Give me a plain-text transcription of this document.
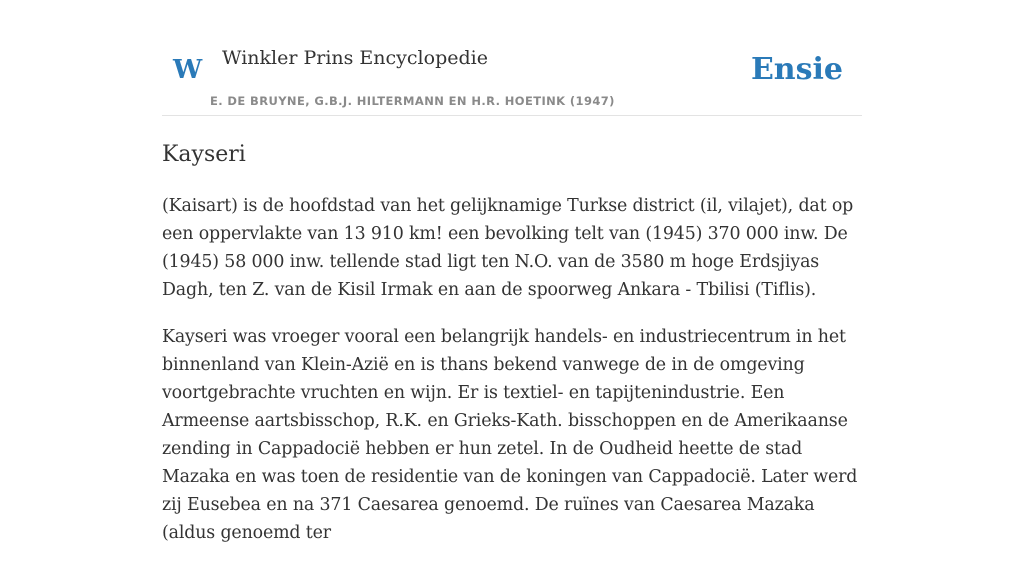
W Winkler Prins Encyclopedie
E. DE BRUYNE, G.B.J. HILTERMANN EN H.R. HOETINK (1947)
Ensie
Kayseri

(Kaisart) is de hoofdstad van het gelijknamige Turkse district (il, vilajet), dat op een oppervlakte van 13 910 km! een bevolking telt van (1945) 370 000 inw. De (1945) 58 000 inw. tellende stad ligt ten N.O. van de 3580 m hoge Erdsjiyas Dagh, ten Z. van de Kisil Irmak en aan de spoorweg Ankara - Tbilisi (Tiflis).

Kayseri was vroeger vooral een belangrijk handels- en industriecentrum in het binnenland van Klein-Azië en is thans bekend vanwege de in de omgeving voortgebrachte vruchten en wijn. Er is textiel- en tapijtenindustrie. Een Armeense aartsbisschop, R.K. en Grieks-Kath. bisschoppen en de Amerikaanse zending in Cappadocië hebben er hun zetel. In de Oudheid heette de stad Mazaka en was toen de residentie van de koningen van Cappadocië. Later werd zij Eusebea en na 371 Caesarea genoemd. De ruïnes van Caesarea Mazaka (aldus genoemd ter
